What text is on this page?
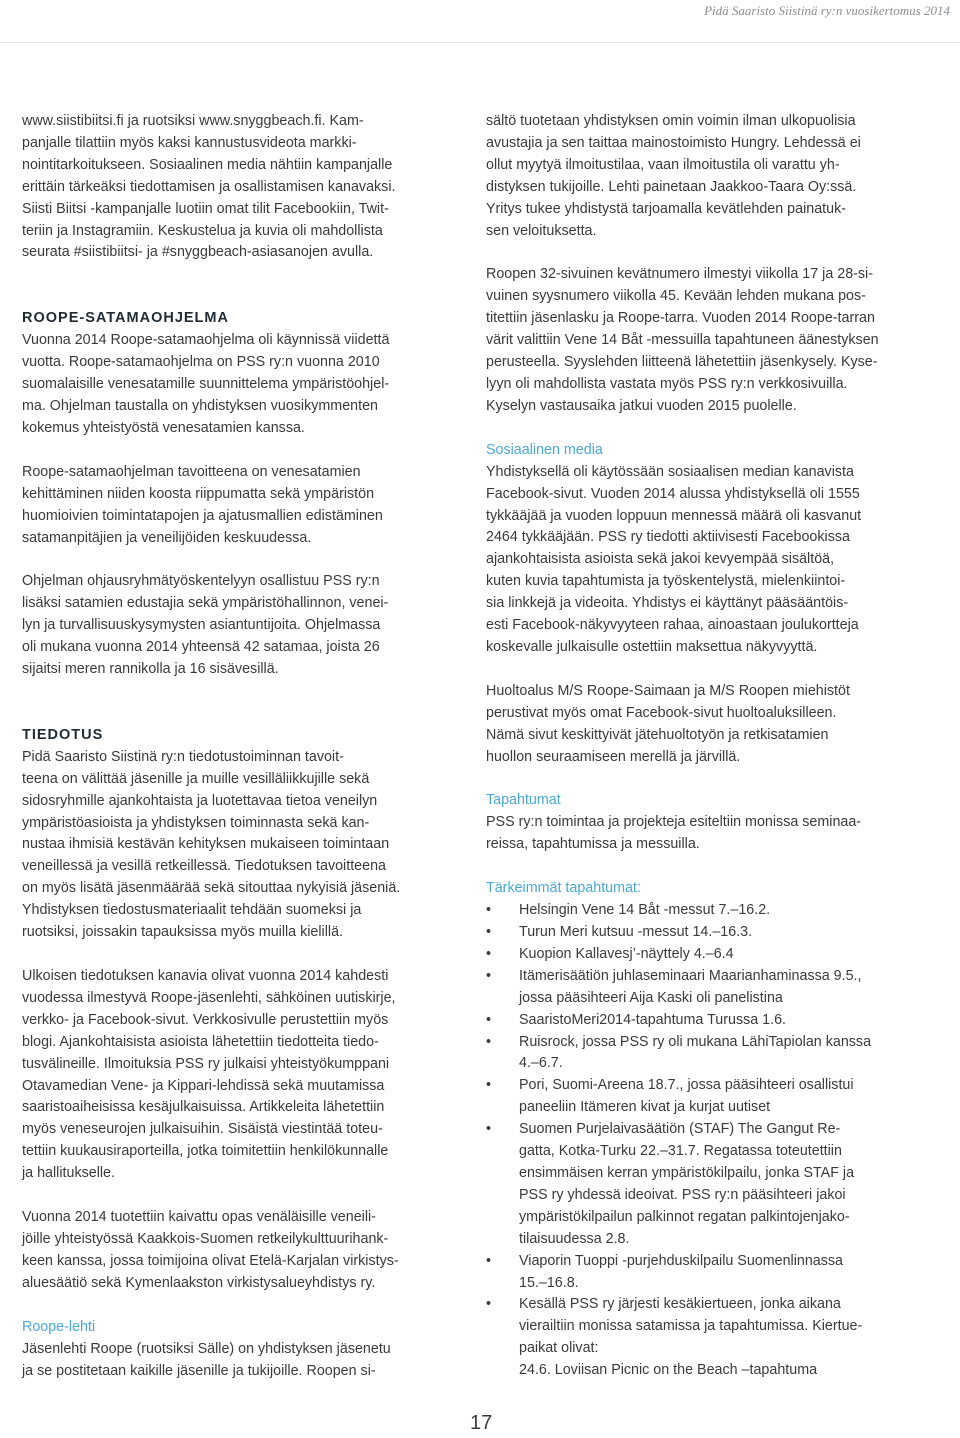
Pidä Saaristo Siistinä ry:n vuosikertomus 2014

www.siistibiitsi.fi ja ruotsiksi www.snyggbeach.fi. Kam-
panjalle tilattiin myös kaksi kannustusvideota markki-
nointitarkoitukseen. Sosiaalinen media nähtiin kampanjalle
erittäin tärkeäksi tiedottamisen ja osallistamisen kanavaksi.
Siisti Biitsi -kampanjalle luotiin omat tilit Facebookiin, Twit-
teriin ja Instagramiin. Keskustelua ja kuvia oli mahdollista
seurata #siistibiitsi- ja #snyggbeach-asiasanojen avulla.

ROOPE-SATAMAOHJELMA

Vuonna 2014 Roope-satamaohjelma oli käynnissä viidettä
vuotta. Roope-satamaohjelma on PSS ry:n vuonna 2010
suomalaisille venesatamille suunnittelema ympäristöohjel-
ma. Ohjelman taustalla on yhdistyksen vuosikymmenten
kokemus yhteistyöstä venesatamien kanssa.

Roope-satamaohjelman tavoitteena on venesatamien
kehittäminen niiden koosta riippumatta sekä ympäristön
huomioivien toimintatapojen ja ajatusmallien edistäminen
satamanpitäjien ja veneilijöiden keskuudessa.

Ohjelman ohjausryhmätyöskentelyyn osallistuu PSS ry:n
lisäksi satamien edustajia sekä ympäristöhallinnon, venei-
lyn ja turvallisuuskysymysten asiantuntijoita. Ohjelmassa
oli mukana vuonna 2014 yhteensä 42 satamaa, joista 26
sijaitsi meren rannikolla ja 16 sisävesillä.

TIEDOTUS

Pidä Saaristo Siistinä ry:n tiedotustoiminnan tavoit-
teena on välittää jäsenille ja muille vesilläliikkujille sekä
sidosryhmille ajankohtaista ja luotettavaa tietoa veneilyn
ympäristöasioista ja yhdistyksen toiminnasta sekä kan-
nustaa ihmisiä kestävän kehityksen mukaiseen toimintaan
veneillessä ja vesillä retkeillessä. Tiedotuksen tavoitteena
on myös lisätä jäsenmäärää sekä sitouttaa nykyisiä jäseniä.
Yhdistyksen tiedostusmateriaalit tehdään suomeksi ja
ruotsiksi, joissakin tapauksissa myös muilla kielillä.

Ulkoisen tiedotuksen kanavia olivat vuonna 2014 kahdesti
vuodessa ilmestyvä Roope-jäsenlehti, sähköinen uutiskirje,
verkko- ja Facebook-sivut. Verkkosivulle perustettiin myös
blogi. Ajankohtaisista asioista lähetettiin tiedotteita tiedo-
tusvälineille. Ilmoituksia PSS ry julkaisi yhteistyökumppani
Otavamedian Vene- ja Kippari-lehdissä sekä muutamissa
saaristoaiheisissa kesäjulkaisuissa. Artikkeleita lähetettiin
myös veneseurojen julkaisuihin. Sisäistä viestintää toteu-
tettiin kuukausiraporteilla, jotka toimitettiin henkilökunnalle
ja hallitukselle.

Vuonna 2014 tuotettiin kaivattu opas venäläisille veneili-
jöille yhteistyössä Kaakkois-Suomen retkeilykulttuurihank-
keen kanssa, jossa toimijoina olivat Etelä-Karjalan virkistys-
aluesäätiö sekä Kymenlaakston virkistysalueyhdistys ry.

Roope-lehti

Jäsenlehti Roope (ruotsiksi Sälle) on yhdistyksen jäsenetu
ja se postitetaan kaikille jäsenille ja tukijoille. Roopen si-

sältö tuotetaan yhdistyksen omin voimin ilman ulkopuolisia
avustajia ja sen taittaa mainostoimisto Hungry. Lehdessä ei
ollut myytyä ilmoitustilaa, vaan ilmoitustila oli varattu yh-
distyksen tukijoille. Lehti painetaan Jaakkoo-Taara Oy:ssä.
Yritys tukee yhdistystä tarjoamalla kevätlehden painatuk-
sen veloituksetta.

Roopen 32-sivuinen kevätnumero ilmestyi viikolla 17 ja 28-si-
vuinen syysnumero viikolla 45. Kevään lehden mukana pos-
titettiin jäsenlasku ja Roope-tarra. Vuoden 2014 Roope-tarran
värit valittiin Vene 14 Båt -messuilla tapahtuneen äänestyksen
perusteella. Syyslehden liitteenä lähetettiin jäsenkysely. Kyse-
lyyn oli mahdollista vastata myös PSS ry:n verkkosivuilla.
Kyselyn vastausaika jatkui vuoden 2015 puolelle.

Sosiaalinen media

Yhdistyksellä oli käytössään sosiaalisen median kanavista
Facebook-sivut. Vuoden 2014 alussa yhdistyksellä oli 1555
tykkääjää ja vuoden loppuun mennessä määrä oli kasvanut
2464 tykkääjään. PSS ry tiedotti aktiivisesti Facebookissa
ajankohtaisista asioista sekä jakoi kevyempää sisältöä,
kuten kuvia tapahtumista ja työskentelystä, mielenkiintoi-
sia linkkejä ja videoita. Yhdistys ei käyttänyt pääsääntöis-
esti Facebook-näkyvyyteen rahaa, ainoastaan joulukortteja
koskevalle julkaisulle ostettiin maksettua näkyvyyttä.

Huoltoalus M/S Roope-Saimaan ja M/S Roopen miehistöt
perustivat myös omat Facebook-sivut huoltoaluksilleen.
Nämä sivut keskittyivät jätehuoltotyön ja retkisatamien
huollon seuraamiseen merellä ja järvillä.

Tapahtumat

PSS ry:n toimintaa ja projekteja esiteltiin monissa seminaa-
reissa, tapahtumissa ja messuilla.

Tärkeimmät tapahtumat:
• Helsingin Vene 14 Båt -messut 7.–16.2.
• Turun Meri kutsuu -messut 14.–16.3.
• Kuopion Kallavesj’-näyttely 4.–6.4
• Itämerisäätiön juhlaseminaari Maarianhaminassa 9.5.,
jossa pääsihteeri Aija Kaski oli panelistina
• SaaristoMeri2014-tapahtuma Turussa 1.6.
• Ruisrock, jossa PSS ry oli mukana LähiTapiolan kanssa
4.–6.7.
• Pori, Suomi-Areena 18.7., jossa pääsihteeri osallistui
paneeliin Itämeren kivat ja kurjat uutiset
• Suomen Purjelaivasäätiön (STAF) The Gangut Re-
gatta, Kotka-Turku 22.–31.7. Regatassa toteutettiin
ensimmäisen kerran ympäristökilpailu, jonka STAF ja
PSS ry yhdessä ideoivat. PSS ry:n pääsihteeri jakoi
ympäristökilpailun palkinnot regatan palkintojenjako-
tilaisuudessa 2.8.
• Viaporin Tuoppi -purjehduskilpailu Suomenlinnassa
15.–16.8.
• Kesällä PSS ry järjesti kesäkiertueen, jonka aikana
vierailtiin monissa satamissa ja tapahtumissa. Kiertue-
paikat olivat:
24.6. Loviisan Picnic on the Beach –tapahtuma
17
